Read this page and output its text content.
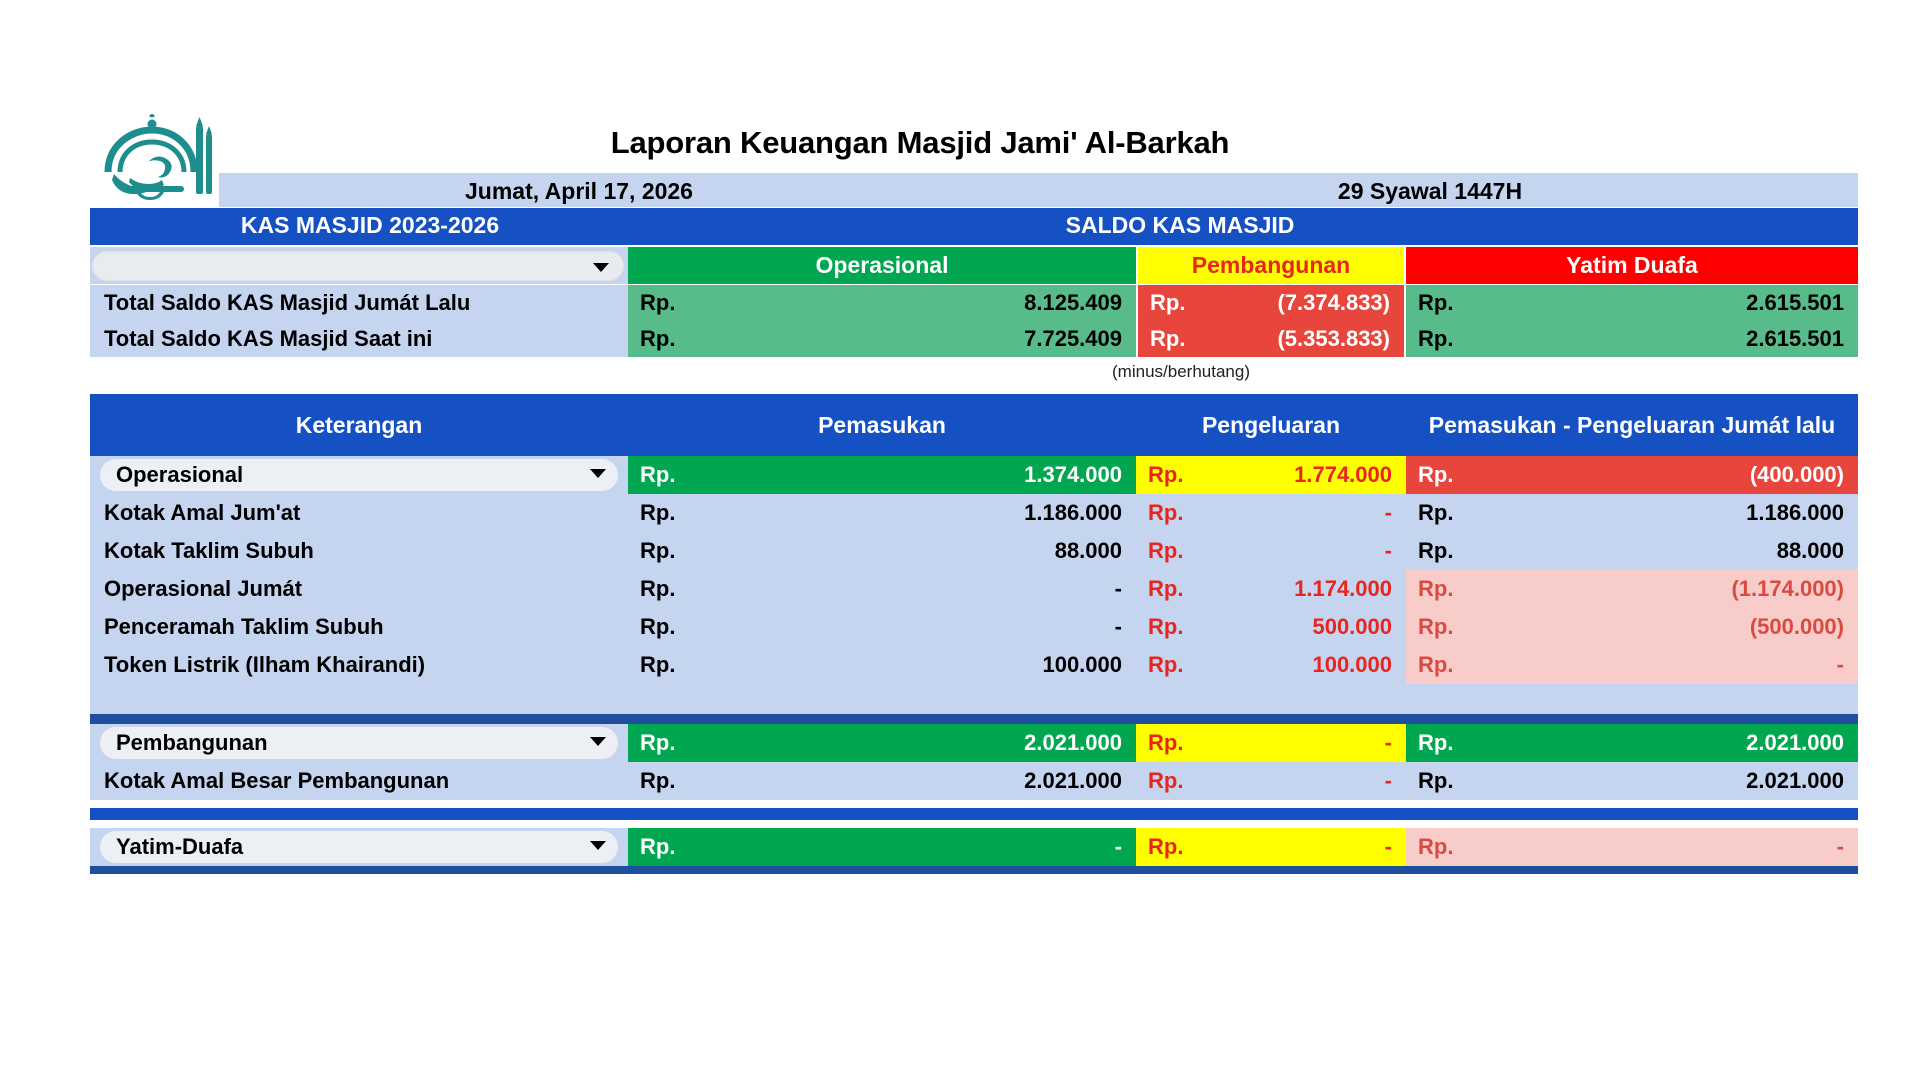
Laporan Keuangan Masjid Jami' Al-Barkah
Jumat, April 17, 2026	29 Syawal 1447H
KAS MASJID 2023-2026	SALDO KAS MASJID
Operasional	Pembangunan	Yatim Duafa
Total Saldo KAS Masjid Jumát Lalu	Rp.	8.125.409 Rp.	(7.374.833) Rp.	2.615.501
Total Saldo KAS Masjid Saat ini	Rp.	7.725.409 Rp.	(5.353.833) Rp.	2.615.501
(minus/berhutang)
Keterangan	Pemasukan	Pengeluaran	Pemasukan - Pengeluaran Jumát lalu
Operasional	Rp.	1.374.000 Rp.	1.774.000 Rp.	(400.000)
Kotak Amal Jum'at	Rp.	1.186.000 Rp.	- Rp.	1.186.000
Kotak Taklim Subuh	Rp.	88.000 Rp.	- Rp.	88.000
Operasional Jumát	Rp.	- Rp.	1.174.000 Rp.	(1.174.000)
Penceramah Taklim Subuh	Rp.	- Rp.	500.000 Rp.	(500.000)
Token Listrik (Ilham Khairandi)	Rp.	100.000 Rp.	100.000 Rp.	-
Pembangunan	Rp.	2.021.000 Rp.	- Rp.	2.021.000
Kotak Amal Besar Pembangunan	Rp.	2.021.000 Rp.	- Rp.	2.021.000
Yatim-Duafa	Rp.	- Rp.	- Rp.	-
